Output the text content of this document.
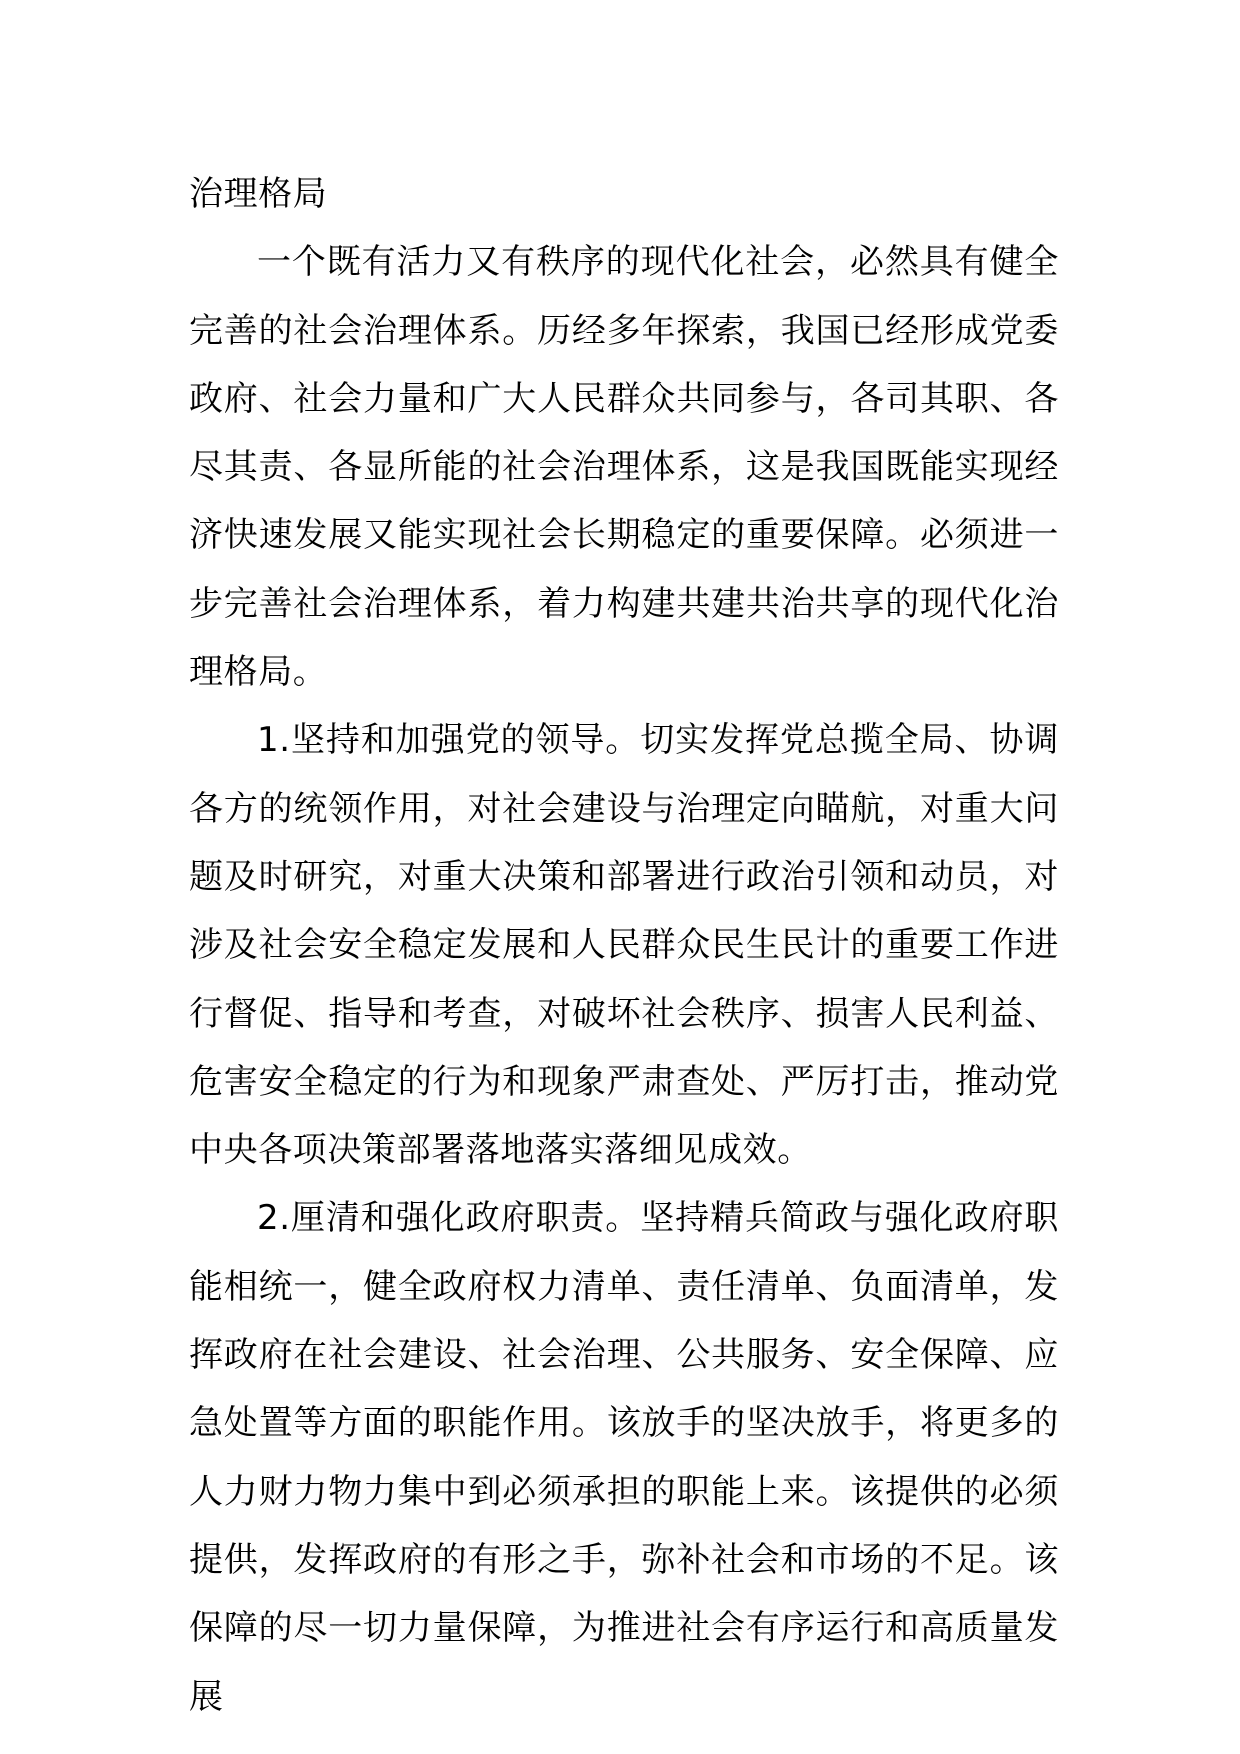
治理格局

一个既有活力又有秩序的现代化社会，必然具有健全完善的社会治理体系。历经多年探索，我国已经形成党委政府、社会力量和广大人民群众共同参与，各司其职、各尽其责、各显所能的社会治理体系，这是我国既能实现经济快速发展又能实现社会长期稳定的重要保障。必须进一步完善社会治理体系，着力构建共建共治共享的现代化治理格局。

1.坚持和加强党的领导。切实发挥党总揽全局、协调各方的统领作用，对社会建设与治理定向瞄航，对重大问题及时研究，对重大决策和部署进行政治引领和动员，对涉及社会安全稳定发展和人民群众民生民计的重要工作进行督促、指导和考查，对破坏社会秩序、损害人民利益、危害安全稳定的行为和现象严肃查处、严厉打击，推动党中央各项决策部署落地落实落细见成效。

2.厘清和强化政府职责。坚持精兵简政与强化政府职能相统一，健全政府权力清单、责任清单、负面清单，发挥政府在社会建设、社会治理、公共服务、安全保障、应急处置等方面的职能作用。该放手的坚决放手，将更多的人力财力物力集中到必须承担的职能上来。该提供的必须提供，发挥政府的有形之手，弥补社会和市场的不足。该保障的尽一切力量保障，为推进社会有序运行和高质量发展
